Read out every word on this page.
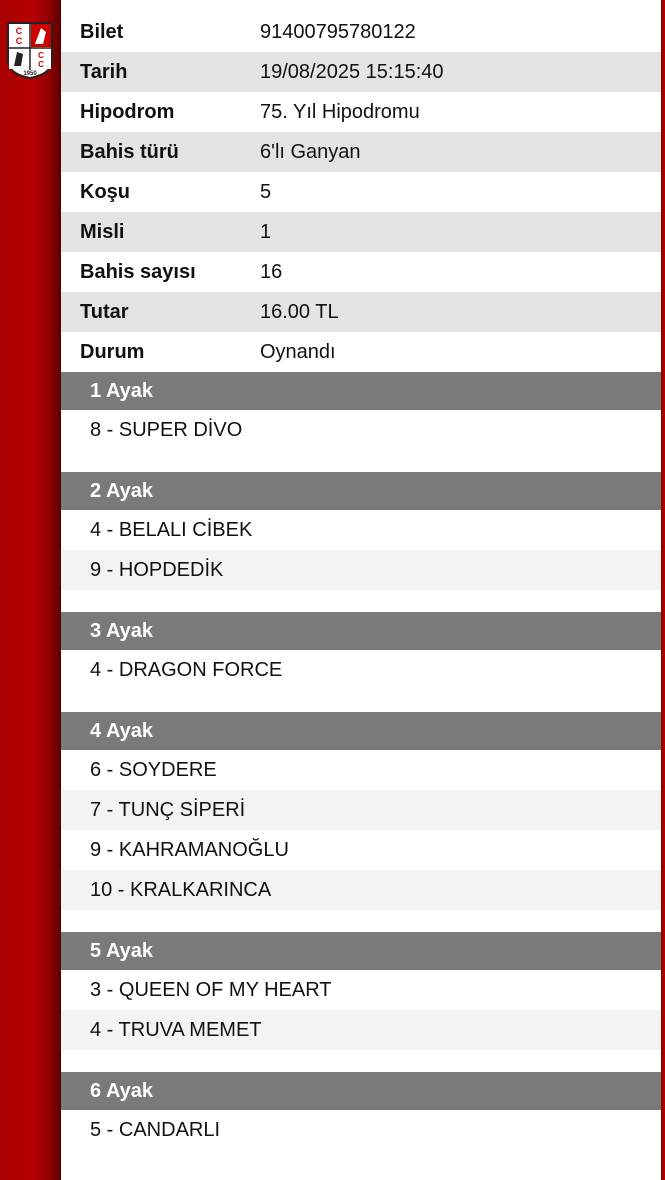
C
C
C
C
1950
Bilet	91400795780122
Tarih	19/08/2025 15:15:40
Hipodrom	75. Yıl Hipodromu
Bahis türü	6'lı Ganyan
Koşu	5
Misli	1
Bahis sayısı	16
Tutar	16.00 TL
Durum	Oynandı
1 Ayak
8 - SUPER DİVO
2 Ayak
4 - BELALI CİBEK
9 - HOPDEDİK
3 Ayak
4 - DRAGON FORCE
4 Ayak
6 - SOYDERE
7 - TUNÇ SİPERİ
9 - KAHRAMANOĞLU
10 - KRALKARINCA
5 Ayak
3 - QUEEN OF MY HEART
4 - TRUVA MEMET
6 Ayak
5 - CANDARLI
